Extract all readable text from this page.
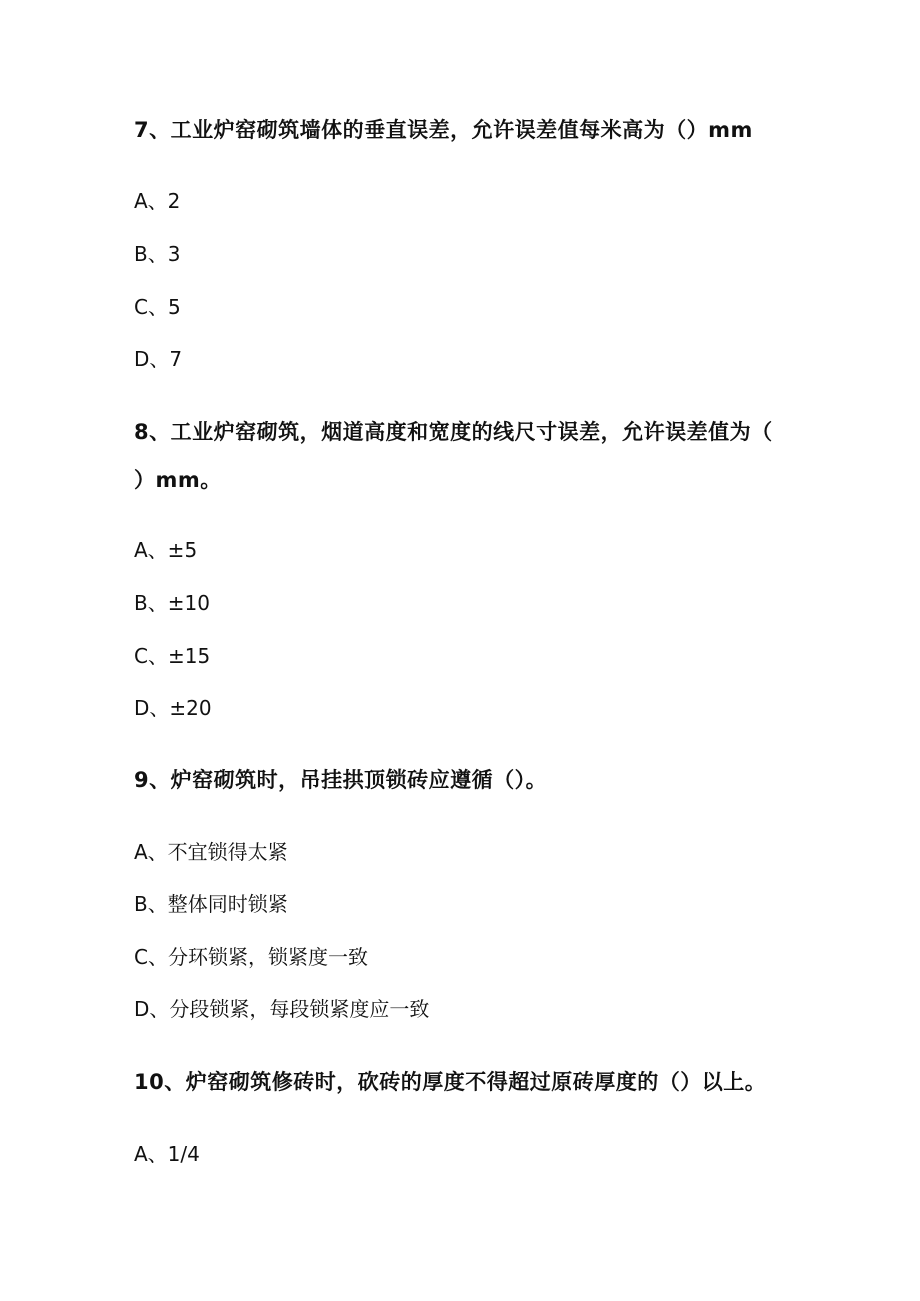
7、工业炉窑砌筑墙体的垂直误差，允许误差值每米高为（）mm
A、2
B、3
C、5
D、7
8、工业炉窑砌筑，烟道高度和宽度的线尺寸误差，允许误差值为（
）mm。
A、±5
B、±10
C、±15
D、±20
9、炉窑砌筑时，吊挂拱顶锁砖应遵循（）。
A、不宜锁得太紧
B、整体同时锁紧
C、分环锁紧，锁紧度一致
D、分段锁紧，每段锁紧度应一致
10、炉窑砌筑修砖时，砍砖的厚度不得超过原砖厚度的（）以上。
A、1/4
